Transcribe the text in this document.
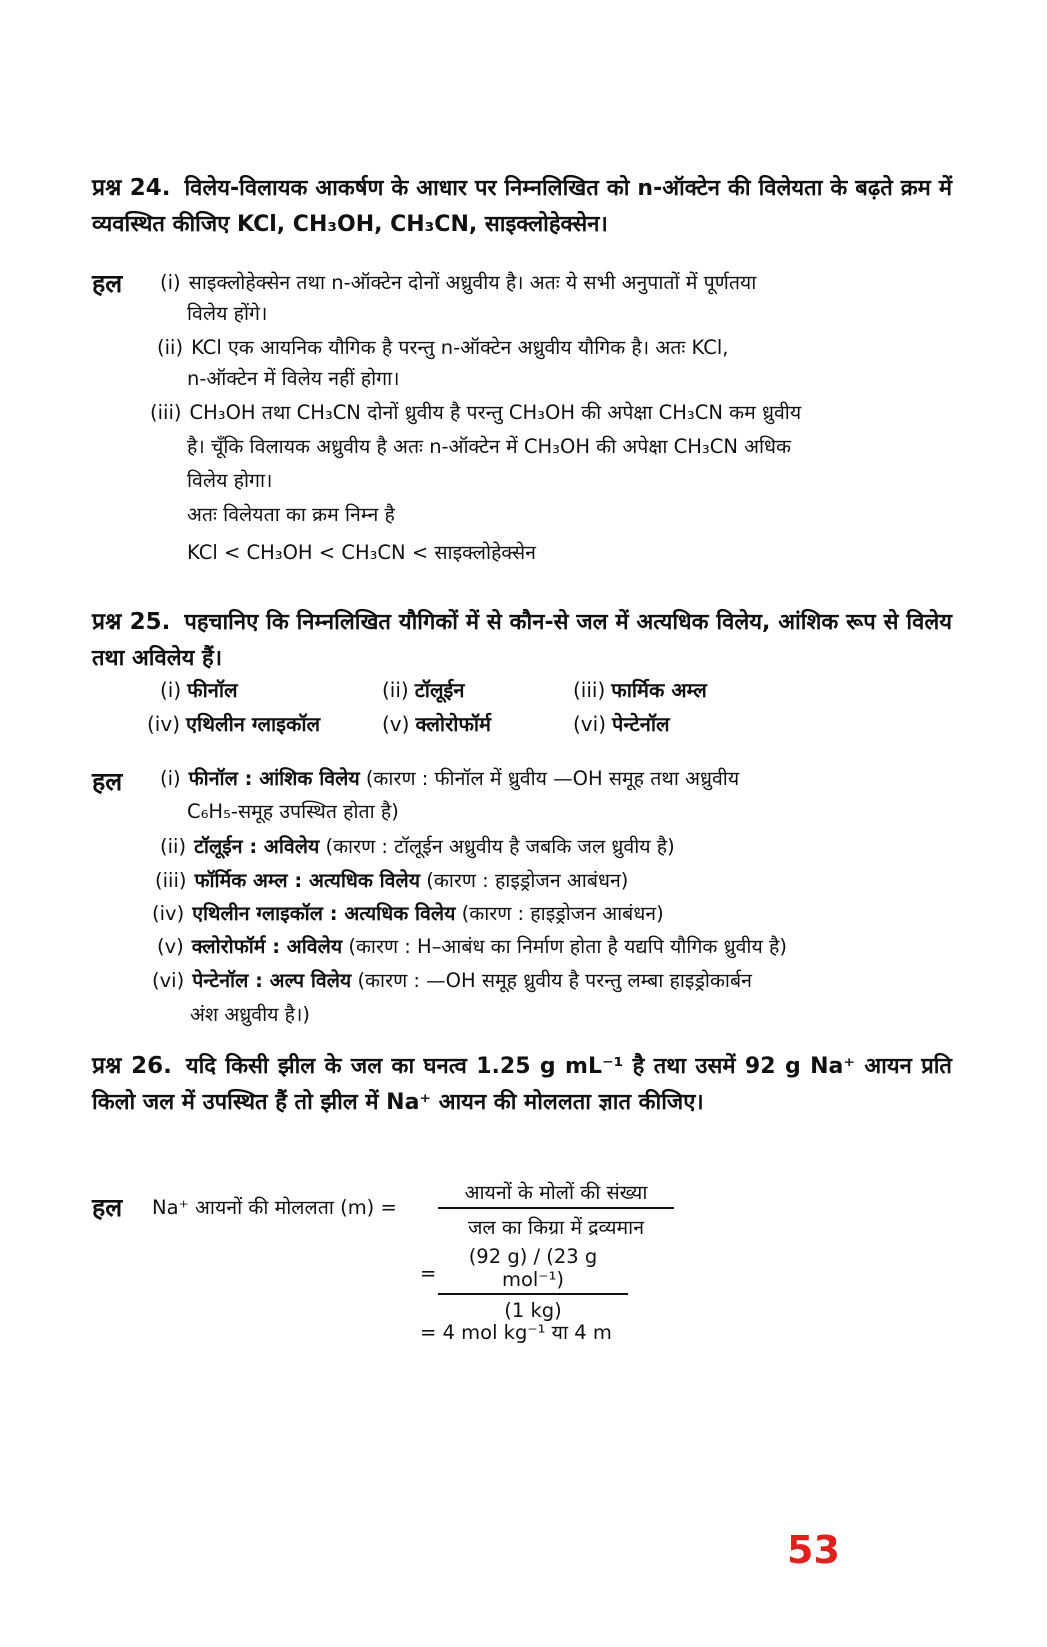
प्रश्न 24. विलेय-विलायक आकर्षण के आधार पर निम्नलिखित को n-ऑक्टेन की विलेयता के बढ़ते क्रम में व्यवस्थित कीजिए KCl, CH₃OH, CH₃CN, साइक्लोहेक्सेन।
हल (i) साइक्लोहेक्सेन तथा n-ऑक्टेन दोनों अध्रुवीय है। अतः ये सभी अनुपातों में पूर्णतया
विलेय होंगे।
(ii) KCl एक आयनिक यौगिक है परन्तु n-ऑक्टेन अध्रुवीय यौगिक है। अतः KCl,
n-ऑक्टेन में विलेय नहीं होगा।
(iii) CH₃OH तथा CH₃CN दोनों ध्रुवीय है परन्तु CH₃OH की अपेक्षा CH₃CN कम ध्रुवीय
है। चूँकि विलायक अध्रुवीय है अतः n-ऑक्टेन में CH₃OH की अपेक्षा CH₃CN अधिक
विलेय होगा।
अतः विलेयता का क्रम निम्न है
KCl < CH₃OH < CH₃CN < साइक्लोहेक्सेन
प्रश्न 25. पहचानिए कि निम्नलिखित यौगिकों में से कौन-से जल में अत्यधिक विलेय, आंशिक रूप से विलेय तथा अविलेय हैं।
(i) फीनॉल	(ii) टॉलूईन	(iii) फार्मिक अम्ल
(iv) एथिलीन ग्लाइकॉल	(v) क्लोरोफॉर्म	(vi) पेन्टेनॉल
हल (i) फीनॉल : आंशिक विलेय (कारण : फीनॉल में ध्रुवीय —OH समूह तथा अध्रुवीय
C₆H₅-समूह उपस्थित होता है)
(ii) टॉलूईन : अविलेय (कारण : टॉलूईन अध्रुवीय है जबकि जल ध्रुवीय है)
(iii) फॉर्मिक अम्ल : अत्यधिक विलेय (कारण : हाइड्रोजन आबंधन)
(iv) एथिलीन ग्लाइकॉल : अत्यधिक विलेय (कारण : हाइड्रोजन आबंधन)
(v) क्लोरोफॉर्म : अविलेय (कारण : H–आबंध का निर्माण होता है यद्यपि यौगिक ध्रुवीय है)
(vi) पेन्टेनॉल : अल्प विलेय (कारण : —OH समूह ध्रुवीय है परन्तु लम्बा हाइड्रोकार्बन
अंश अध्रुवीय है।)
प्रश्न 26. यदि किसी झील के जल का घनत्व 1.25 g mL⁻¹ है तथा उसमें 92 g Na⁺ आयन प्रति किलो जल में उपस्थित हैं तो झील में Na⁺ आयन की मोललता ज्ञात कीजिए।
हल Na⁺ आयनों की मोललता (m) =
आयनों के मोलों की संख्या
जल का किग्रा में द्रव्यमान
=
(92 g) / (23 g mol⁻¹)
(1 kg)
= 4 mol kg⁻¹ या 4 m
53
